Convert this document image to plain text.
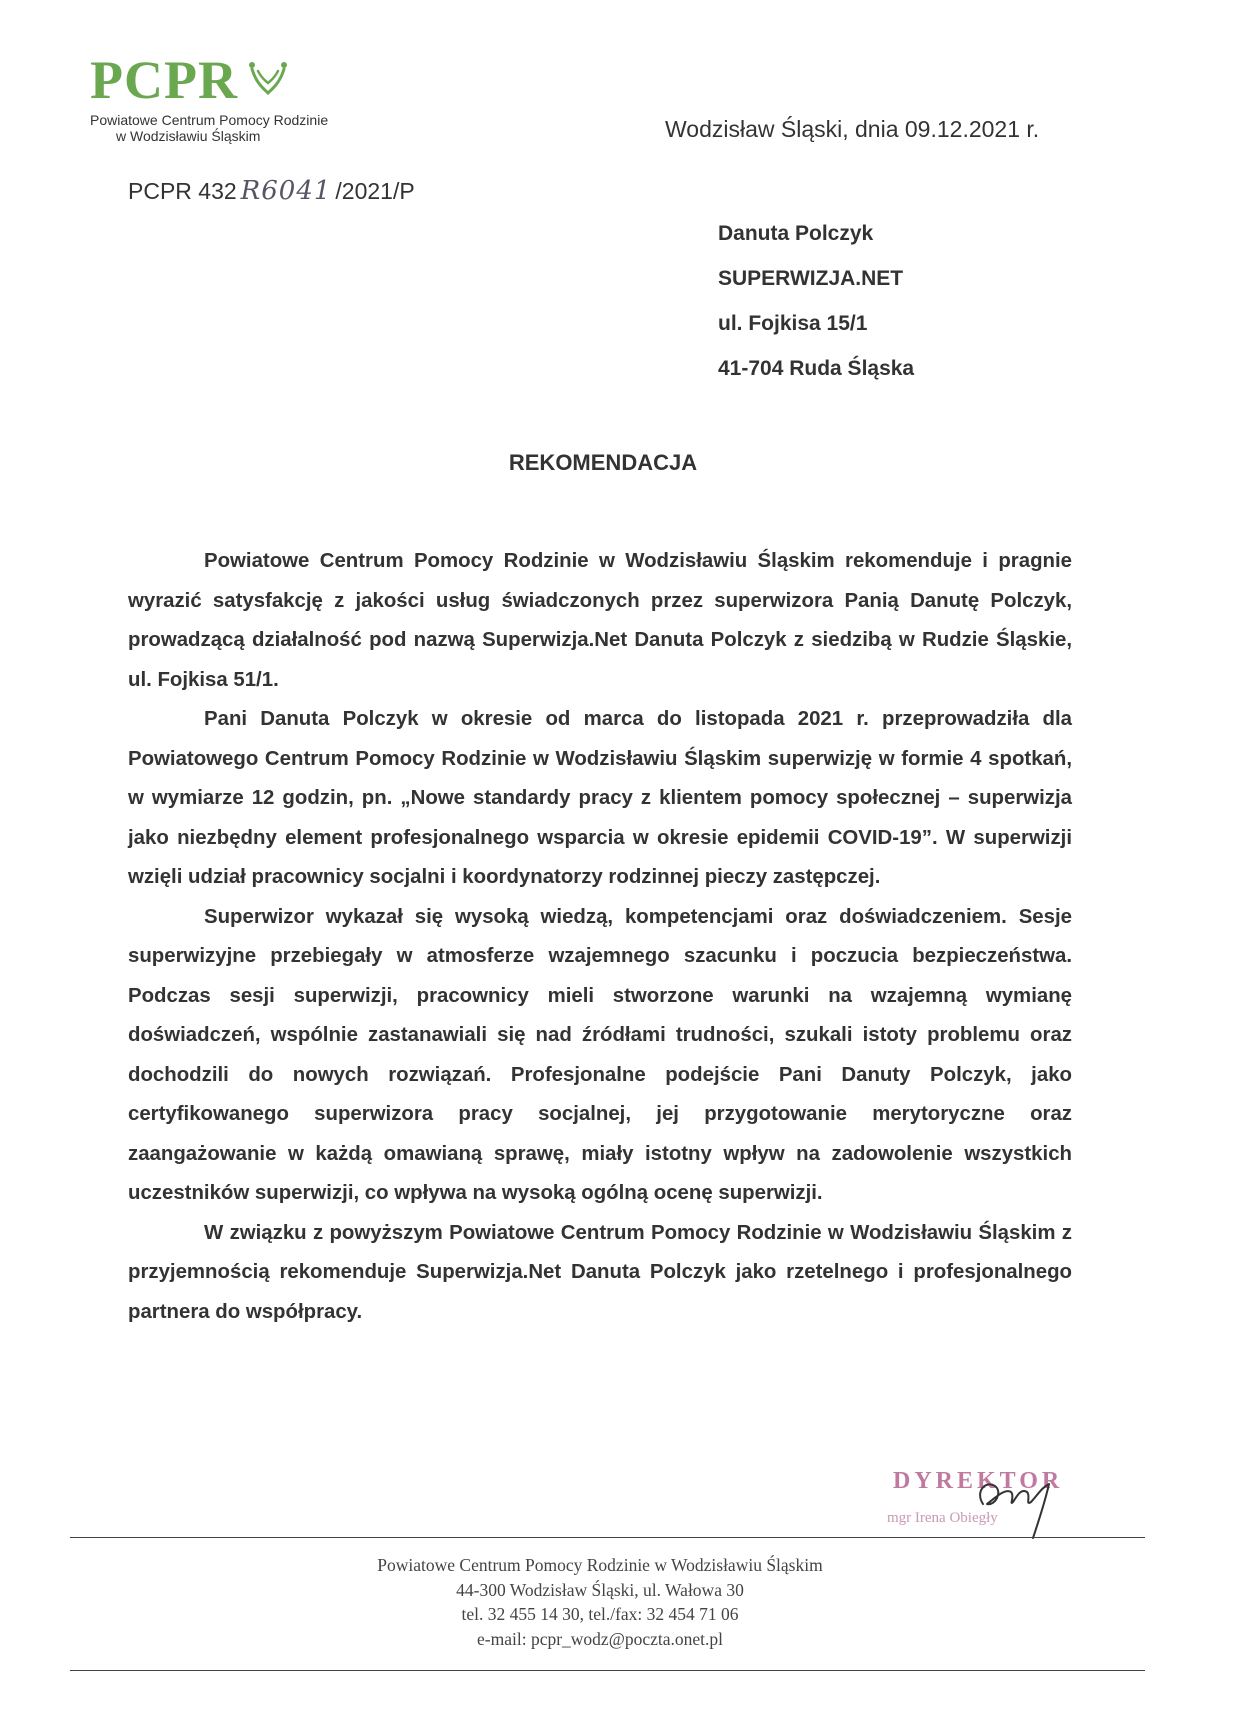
PCPR
Powiatowe Centrum Pomocy Rodzinie
w Wodzisławiu Śląskim	Wodzisław Śląski, dnia 09.12.2021 r.
PCPR 432 R6041 /2021/P
Danuta Polczyk
SUPERWIZJA.NET
ul. Fojkisa 15/1
41-704 Ruda Śląska
REKOMENDACJA

Powiatowe Centrum Pomocy Rodzinie w Wodzisławiu Śląskim rekomenduje i pragnie wyrazić satysfakcję z jakości usług świadczonych przez superwizora Panią Danutę Polczyk, prowadzącą działalność pod nazwą Superwizja.Net Danuta Polczyk z siedzibą w Rudzie Śląskie, ul. Fojkisa 51/1.

Pani Danuta Polczyk w okresie od marca do listopada 2021 r. przeprowadziła dla Powiatowego Centrum Pomocy Rodzinie w Wodzisławiu Śląskim superwizję w formie 4 spotkań, w wymiarze 12 godzin, pn. „Nowe standardy pracy z klientem pomocy społecznej – superwizja jako niezbędny element profesjonalnego wsparcia w okresie epidemii COVID-19”. W superwizji wzięli udział pracownicy socjalni i koordynatorzy rodzinnej pieczy zastępczej.

Superwizor wykazał się wysoką wiedzą, kompetencjami oraz doświadczeniem. Sesje superwizyjne przebiegały w atmosferze wzajemnego szacunku i poczucia bezpieczeństwa. Podczas sesji superwizji, pracownicy mieli stworzone warunki na wzajemną wymianę doświadczeń, wspólnie zastanawiali się nad źródłami trudności, szukali istoty problemu oraz dochodzili do nowych rozwiązań. Profesjonalne podejście Pani Danuty Polczyk, jako certyfikowanego superwizora pracy socjalnej, jej przygotowanie merytoryczne oraz zaangażowanie w każdą omawianą sprawę, miały istotny wpływ na zadowolenie wszystkich uczestników superwizji, co wpływa na wysoką ogólną ocenę superwizji.

W związku z powyższym Powiatowe Centrum Pomocy Rodzinie w Wodzisławiu Śląskim z przyjemnością rekomenduje Superwizja.Net Danuta Polczyk jako rzetelnego i profesjonalnego partnera do współpracy.

DYREKTOR
mgr Irena Obiegły
Powiatowe Centrum Pomocy Rodzinie w Wodzisławiu Śląskim
44-300 Wodzisław Śląski, ul. Wałowa 30
tel. 32 455 14 30, tel./fax: 32 454 71 06
e-mail: pcpr_wodz@poczta.onet.pl
